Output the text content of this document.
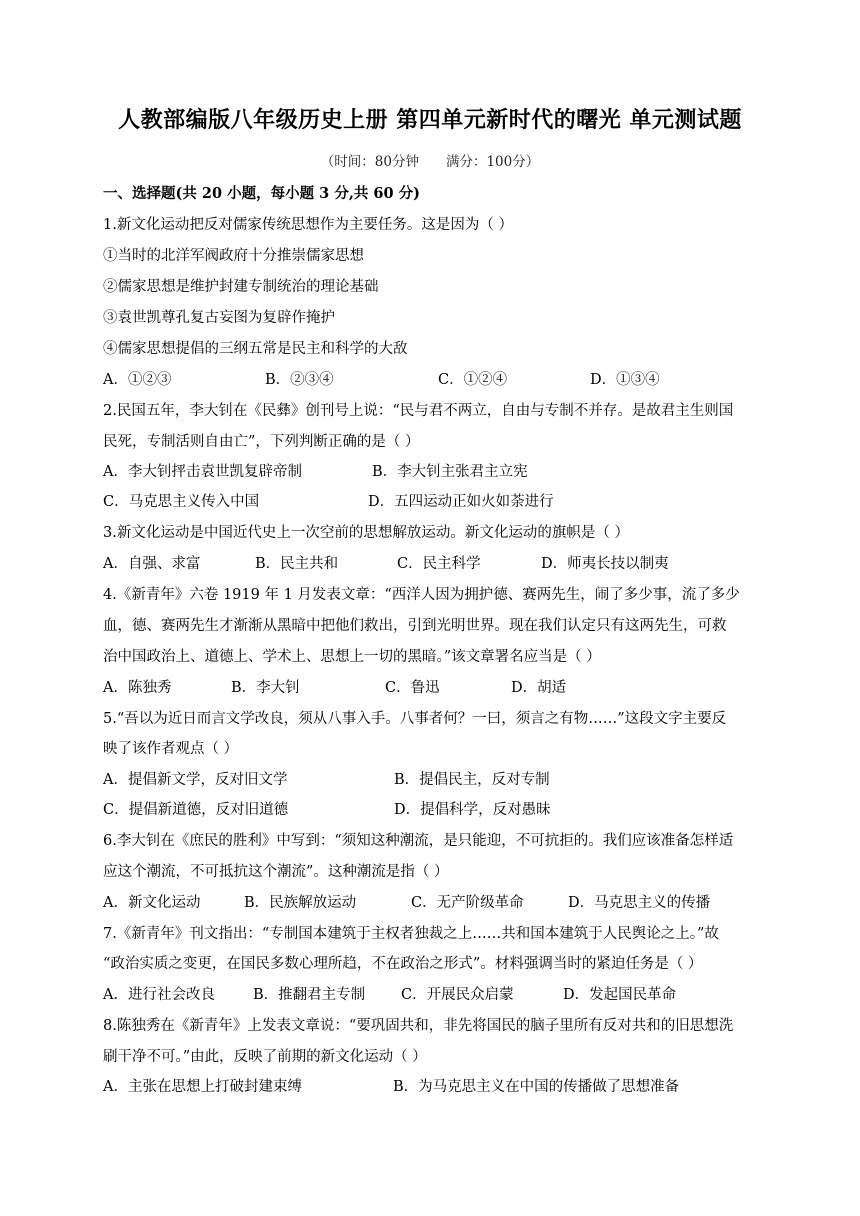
人教部编版八年级历史上册 第四单元新时代的曙光 单元测试题
（时间：80分钟　　满分：100分）
一、选择题(共 20 小题，每小题 3 分,共 60 分)
1.新文化运动把反对儒家传统思想作为主要任务。这是因为（ ）
①当时的北洋军阀政府十分推崇儒家思想
②儒家思想是维护封建专制统治的理论基础
③袁世凯尊孔复古妄图为复辟作掩护
④儒家思想提倡的三纲五常是民主和科学的大敌
A．①②③	B．②③④	C．①②④	D．①③④
2.民国五年，李大钊在《民彝》创刊号上说：“民与君不两立，自由与专制不并存。是故君主生则国
民死，专制活则自由亡”，下列判断正确的是（ ）
A．李大钊抨击袁世凯复辟帝制	B．李大钊主张君主立宪
C．马克思主义传入中国	D．五四运动正如火如荼进行
3.新文化运动是中国近代史上一次空前的思想解放运动。新文化运动的旗帜是（ ）
A．自强、求富	B．民主共和	C．民主科学	D．师夷长技以制夷
4.《新青年》六卷 1919 年 1 月发表文章：“西洋人因为拥护德、赛两先生，闹了多少事，流了多少
血，德、赛两先生才渐渐从黑暗中把他们救出，引到光明世界。现在我们认定只有这两先生，可救
治中国政治上、道德上、学术上、思想上一切的黑暗。”该文章署名应当是（ ）
A．陈独秀	B．李大钊	C．鲁迅	D．胡适
5.“吾以为近日而言文学改良，须从八事入手。八事者何？一曰，须言之有物……”这段文字主要反
映了该作者观点（ ）
A．提倡新文学，反对旧文学	B．提倡民主，反对专制
C．提倡新道德，反对旧道德	D．提倡科学，反对愚昧
6.李大钊在《庶民的胜利》中写到：“须知这种潮流，是只能迎，不可抗拒的。我们应该准备怎样适
应这个潮流，不可抵抗这个潮流”。这种潮流是指（ ）
A．新文化运动	B．民族解放运动	C．无产阶级革命	D．马克思主义的传播
7.《新青年》刊文指出：“专制国本建筑于主权者独裁之上……共和国本建筑于人民舆论之上。”故
“政治实质之变更，在国民多数心理所趋，不在政治之形式”。材料强调当时的紧迫任务是（ ）
A．进行社会改良	B．推翻君主专制 C．开展民众启蒙	D．发起国民革命
8.陈独秀在《新青年》上发表文章说：“要巩固共和，非先将国民的脑子里所有反对共和的旧思想洗
刷干净不可。”由此，反映了前期的新文化运动（ ）
A．主张在思想上打破封建束缚	B．为马克思主义在中国的传播做了思想准备
